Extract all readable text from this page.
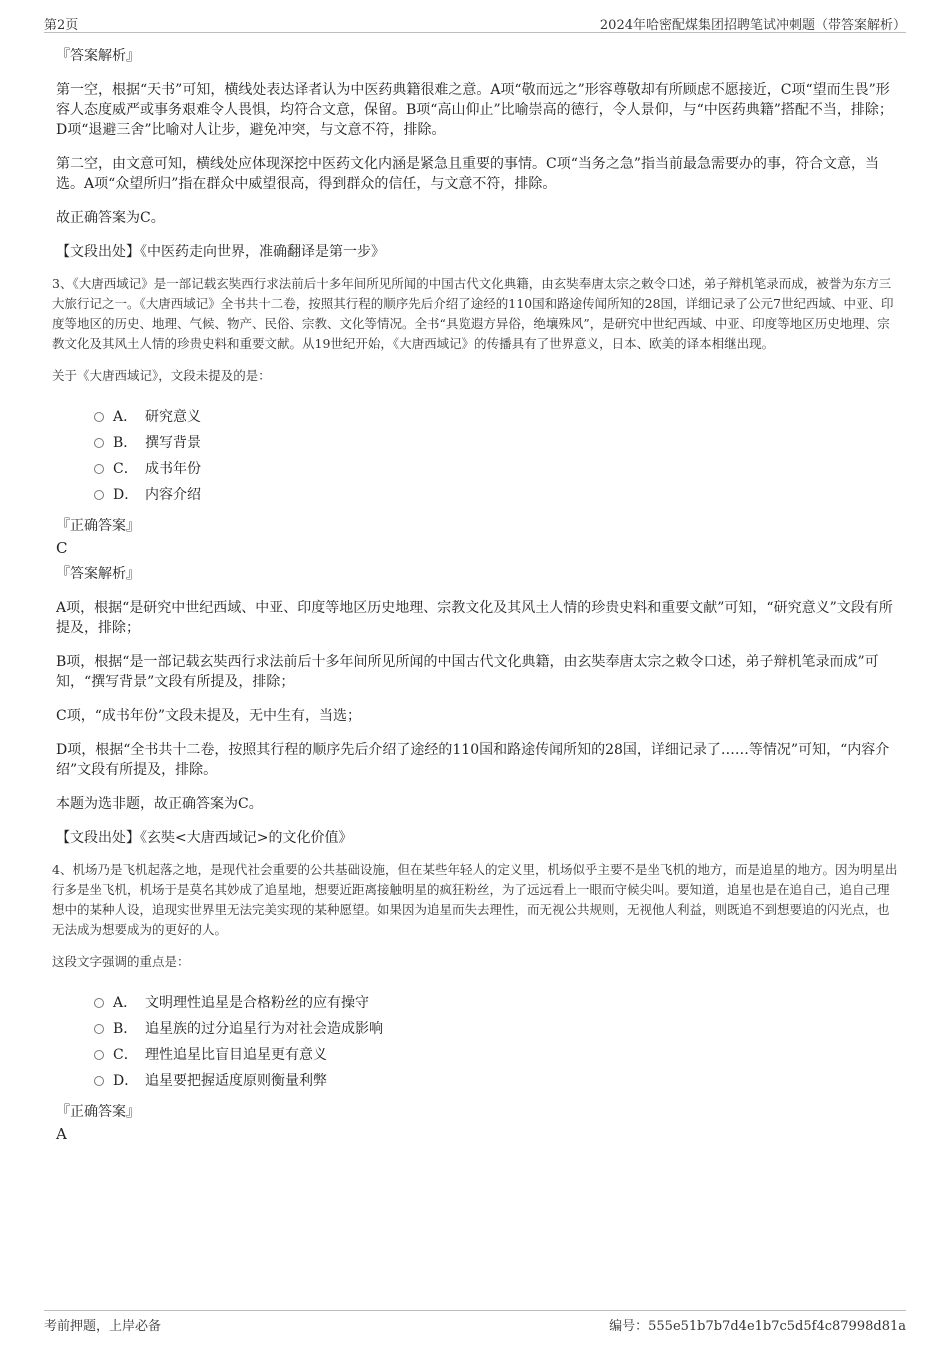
第2页	2024年哈密配煤集团招聘笔试冲刺题（带答案解析）
『答案解析』

第一空，根据“天书”可知，横线处表达译者认为中医药典籍很难之意。A项“敬而远之”形容尊敬却有所顾虑不愿接近，C项“望而生畏”形容人态度威严或事务艰难令人畏惧，均符合文意，保留。B项“高山仰止”比喻崇高的德行，令人景仰，与“中医药典籍”搭配不当，排除；D项“退避三舍”比喻对人让步，避免冲突，与文意不符，排除。

第二空，由文意可知，横线处应体现深挖中医药文化内涵是紧急且重要的事情。C项“当务之急”指当前最急需要办的事，符合文意，当选。A项“众望所归”指在群众中威望很高，得到群众的信任，与文意不符，排除。

故正确答案为C。

【文段出处】《中医药走向世界，准确翻译是第一步》

3、《大唐西域记》是一部记载玄奘西行求法前后十多年间所见所闻的中国古代文化典籍，由玄奘奉唐太宗之敕令口述，弟子辩机笔录而成，被誉为东方三大旅行记之一。《大唐西域记》全书共十二卷，按照其行程的顺序先后介绍了途经的110国和路途传闻所知的28国，详细记录了公元7世纪西域、中亚、印度等地区的历史、地理、气候、物产、民俗、宗教、文化等情况。全书“具览遐方异俗，绝壤殊风”，是研究中世纪西域、中亚、印度等地区历史地理、宗教文化及其风土人情的珍贵史料和重要文献。从19世纪开始，《大唐西域记》的传播具有了世界意义，日本、欧美的译本相继出现。

关于《大唐西域记》，文段未提及的是：

A． 研究意义
B． 撰写背景
C． 成书年份
D． 内容介绍
『正确答案』
C
『答案解析』

A项，根据“是研究中世纪西域、中亚、印度等地区历史地理、宗教文化及其风土人情的珍贵史料和重要文献”可知，“研究意义”文段有所提及，排除；

B项，根据“是一部记载玄奘西行求法前后十多年间所见所闻的中国古代文化典籍，由玄奘奉唐太宗之敕令口述，弟子辩机笔录而成”可知，“撰写背景”文段有所提及，排除；

C项，“成书年份”文段未提及，无中生有，当选；

D项，根据“全书共十二卷，按照其行程的顺序先后介绍了途经的110国和路途传闻所知的28国，详细记录了……等情况”可知，“内容介绍”文段有所提及，排除。

本题为选非题，故正确答案为C。

【文段出处】《玄奘<大唐西域记>的文化价值》

4、机场乃是飞机起落之地，是现代社会重要的公共基础设施，但在某些年轻人的定义里，机场似乎主要不是坐飞机的地方，而是追星的地方。因为明星出行多是坐飞机，机场于是莫名其妙成了追星地，想要近距离接触明星的疯狂粉丝，为了远远看上一眼而守候尖叫。要知道，追星也是在追自己，追自己理想中的某种人设，追现实世界里无法完美实现的某种愿望。如果因为追星而失去理性，而无视公共规则，无视他人利益，则既追不到想要追的闪光点，也无法成为想要成为的更好的人。

这段文字强调的重点是：

A． 文明理性追星是合格粉丝的应有操守
B． 追星族的过分追星行为对社会造成影响
C． 理性追星比盲目追星更有意义
D． 追星要把握适度原则衡量利弊
『正确答案』
A
考前押题，上岸必备	编号：555e51b7b7d4e1b7c5d5f4c87998d81a
